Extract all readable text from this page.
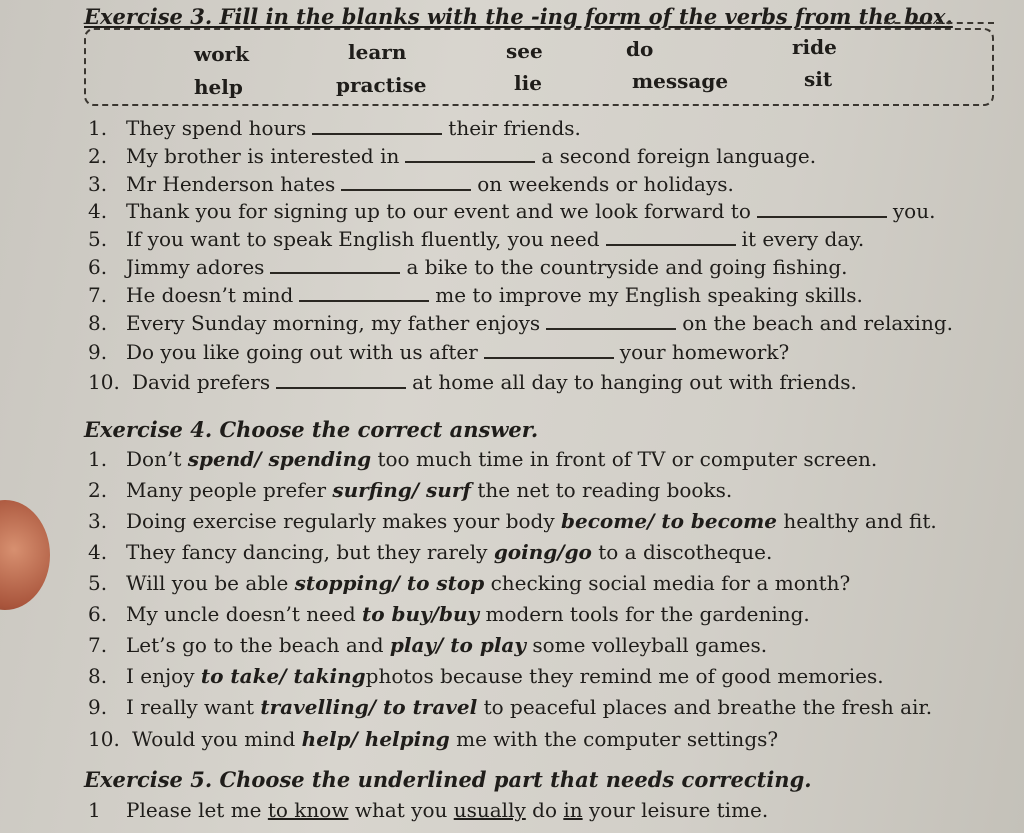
Exercise 3. Fill in the blanks with the -ing form of the verbs from the box.
work	learn	see	do	ride
help	practise	lie	message	sit
1. They spend hours	their friends.
2. My brother is interested in	a second foreign language.
3. Mr Henderson hates	on weekends or holidays.
4. Thank you for signing up to our event and we look forward to	you.
5. If you want to speak English fluently, you need	it every day.
6. Jimmy adores	a bike to the countryside and going fishing.
7. He doesn’t mind	me to improve my English speaking skills.
8. Every Sunday morning, my father enjoys	on the beach and relaxing.
9. Do you like going out with us after	your homework?
10. David prefers	at home all day to hanging out with friends.
Exercise 4. Choose the correct answer.
1. Don’t spend/ spending too much time in front of TV or computer screen.
2. Many people prefer surfing/ surf the net to reading books.
3. Doing exercise regularly makes your body become/ to become healthy and fit.
4. They fancy dancing, but they rarely going/go to a discotheque.
5. Will you be able stopping/ to stop checking social media for a month?
6. My uncle doesn’t need to buy/buy modern tools for the gardening.
7. Let’s go to the beach and play/ to play some volleyball games.
8. I enjoy to take/ takingphotos because they remind me of good memories.
9. I really want travelling/ to travel to peaceful places and breathe the fresh air.
10. Would you mind help/ helping me with the computer settings?
Exercise 5. Choose the underlined part that needs correcting.
1 Please let me to know what you usually do in your leisure time.
